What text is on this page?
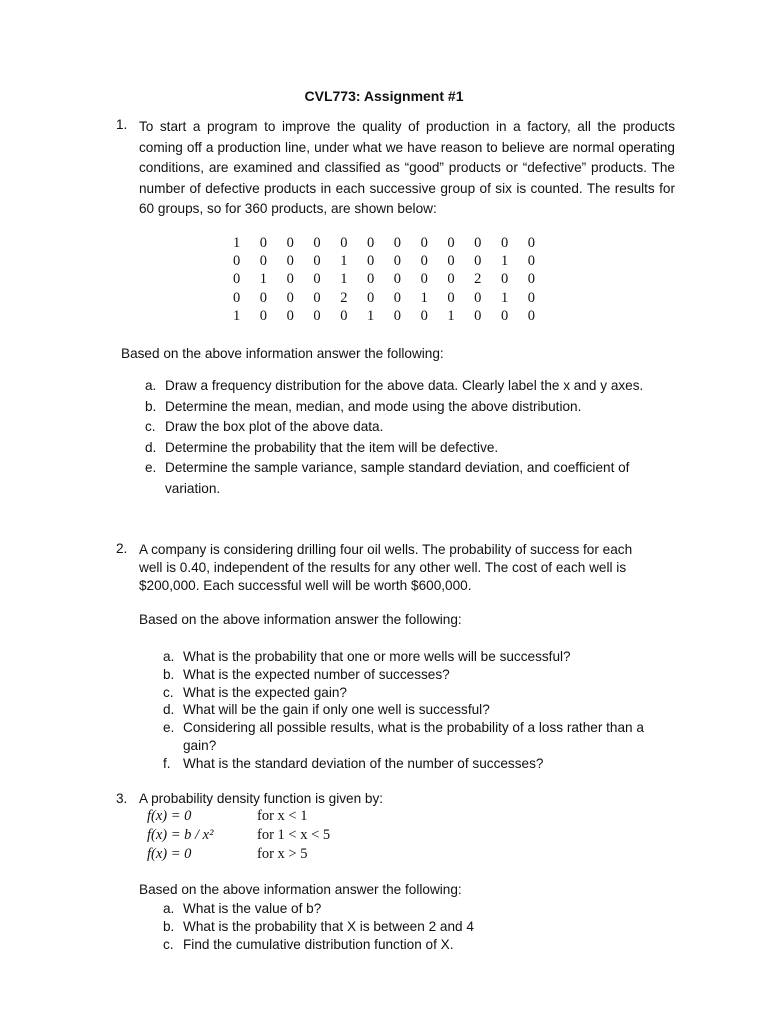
CVL773: Assignment #1
1. To start a program to improve the quality of production in a factory, all the products coming off a production line, under what we have reason to believe are normal operating conditions, are examined and classified as “good” products or “defective” products. The number of defective products in each successive group of six is counted. The results for 60 groups, so for 360 products, are shown below:
1	0	0	0	0	0	0	0	0	0	0	0
0	0	0	0	1	0	0	0	0	0	1	0
0	1	0	0	1	0	0	0	0	2	0	0
0	0	0	0	2	0	0	1	0	0	1	0
1	0	0	0	0	1	0	0	1	0	0	0
Based on the above information answer the following:
a. Draw a frequency distribution for the above data. Clearly label the x and y axes.
b. Determine the mean, median, and mode using the above distribution.
c. Draw the box plot of the above data.
d. Determine the probability that the item will be defective.
e. Determine the sample variance, sample standard deviation, and coefficient of variation.
2. A company is considering drilling four oil wells. The probability of success for each well is 0.40, independent of the results for any other well. The cost of each well is $200,000. Each successful well will be worth $600,000.
Based on the above information answer the following:
a. What is the probability that one or more wells will be successful?
b. What is the expected number of successes?
c. What is the expected gain?
d. What will be the gain if only one well is successful?
e. Considering all possible results, what is the probability of a loss rather than a gain?
f. What is the standard deviation of the number of successes?
3. A probability density function is given by:
f(x) = 0	for x < 1
f(x) = b / x²	for 1 < x < 5
f(x) = 0	for x > 5
Based on the above information answer the following:
a. What is the value of b?
b. What is the probability that X is between 2 and 4
c. Find the cumulative distribution function of X.
